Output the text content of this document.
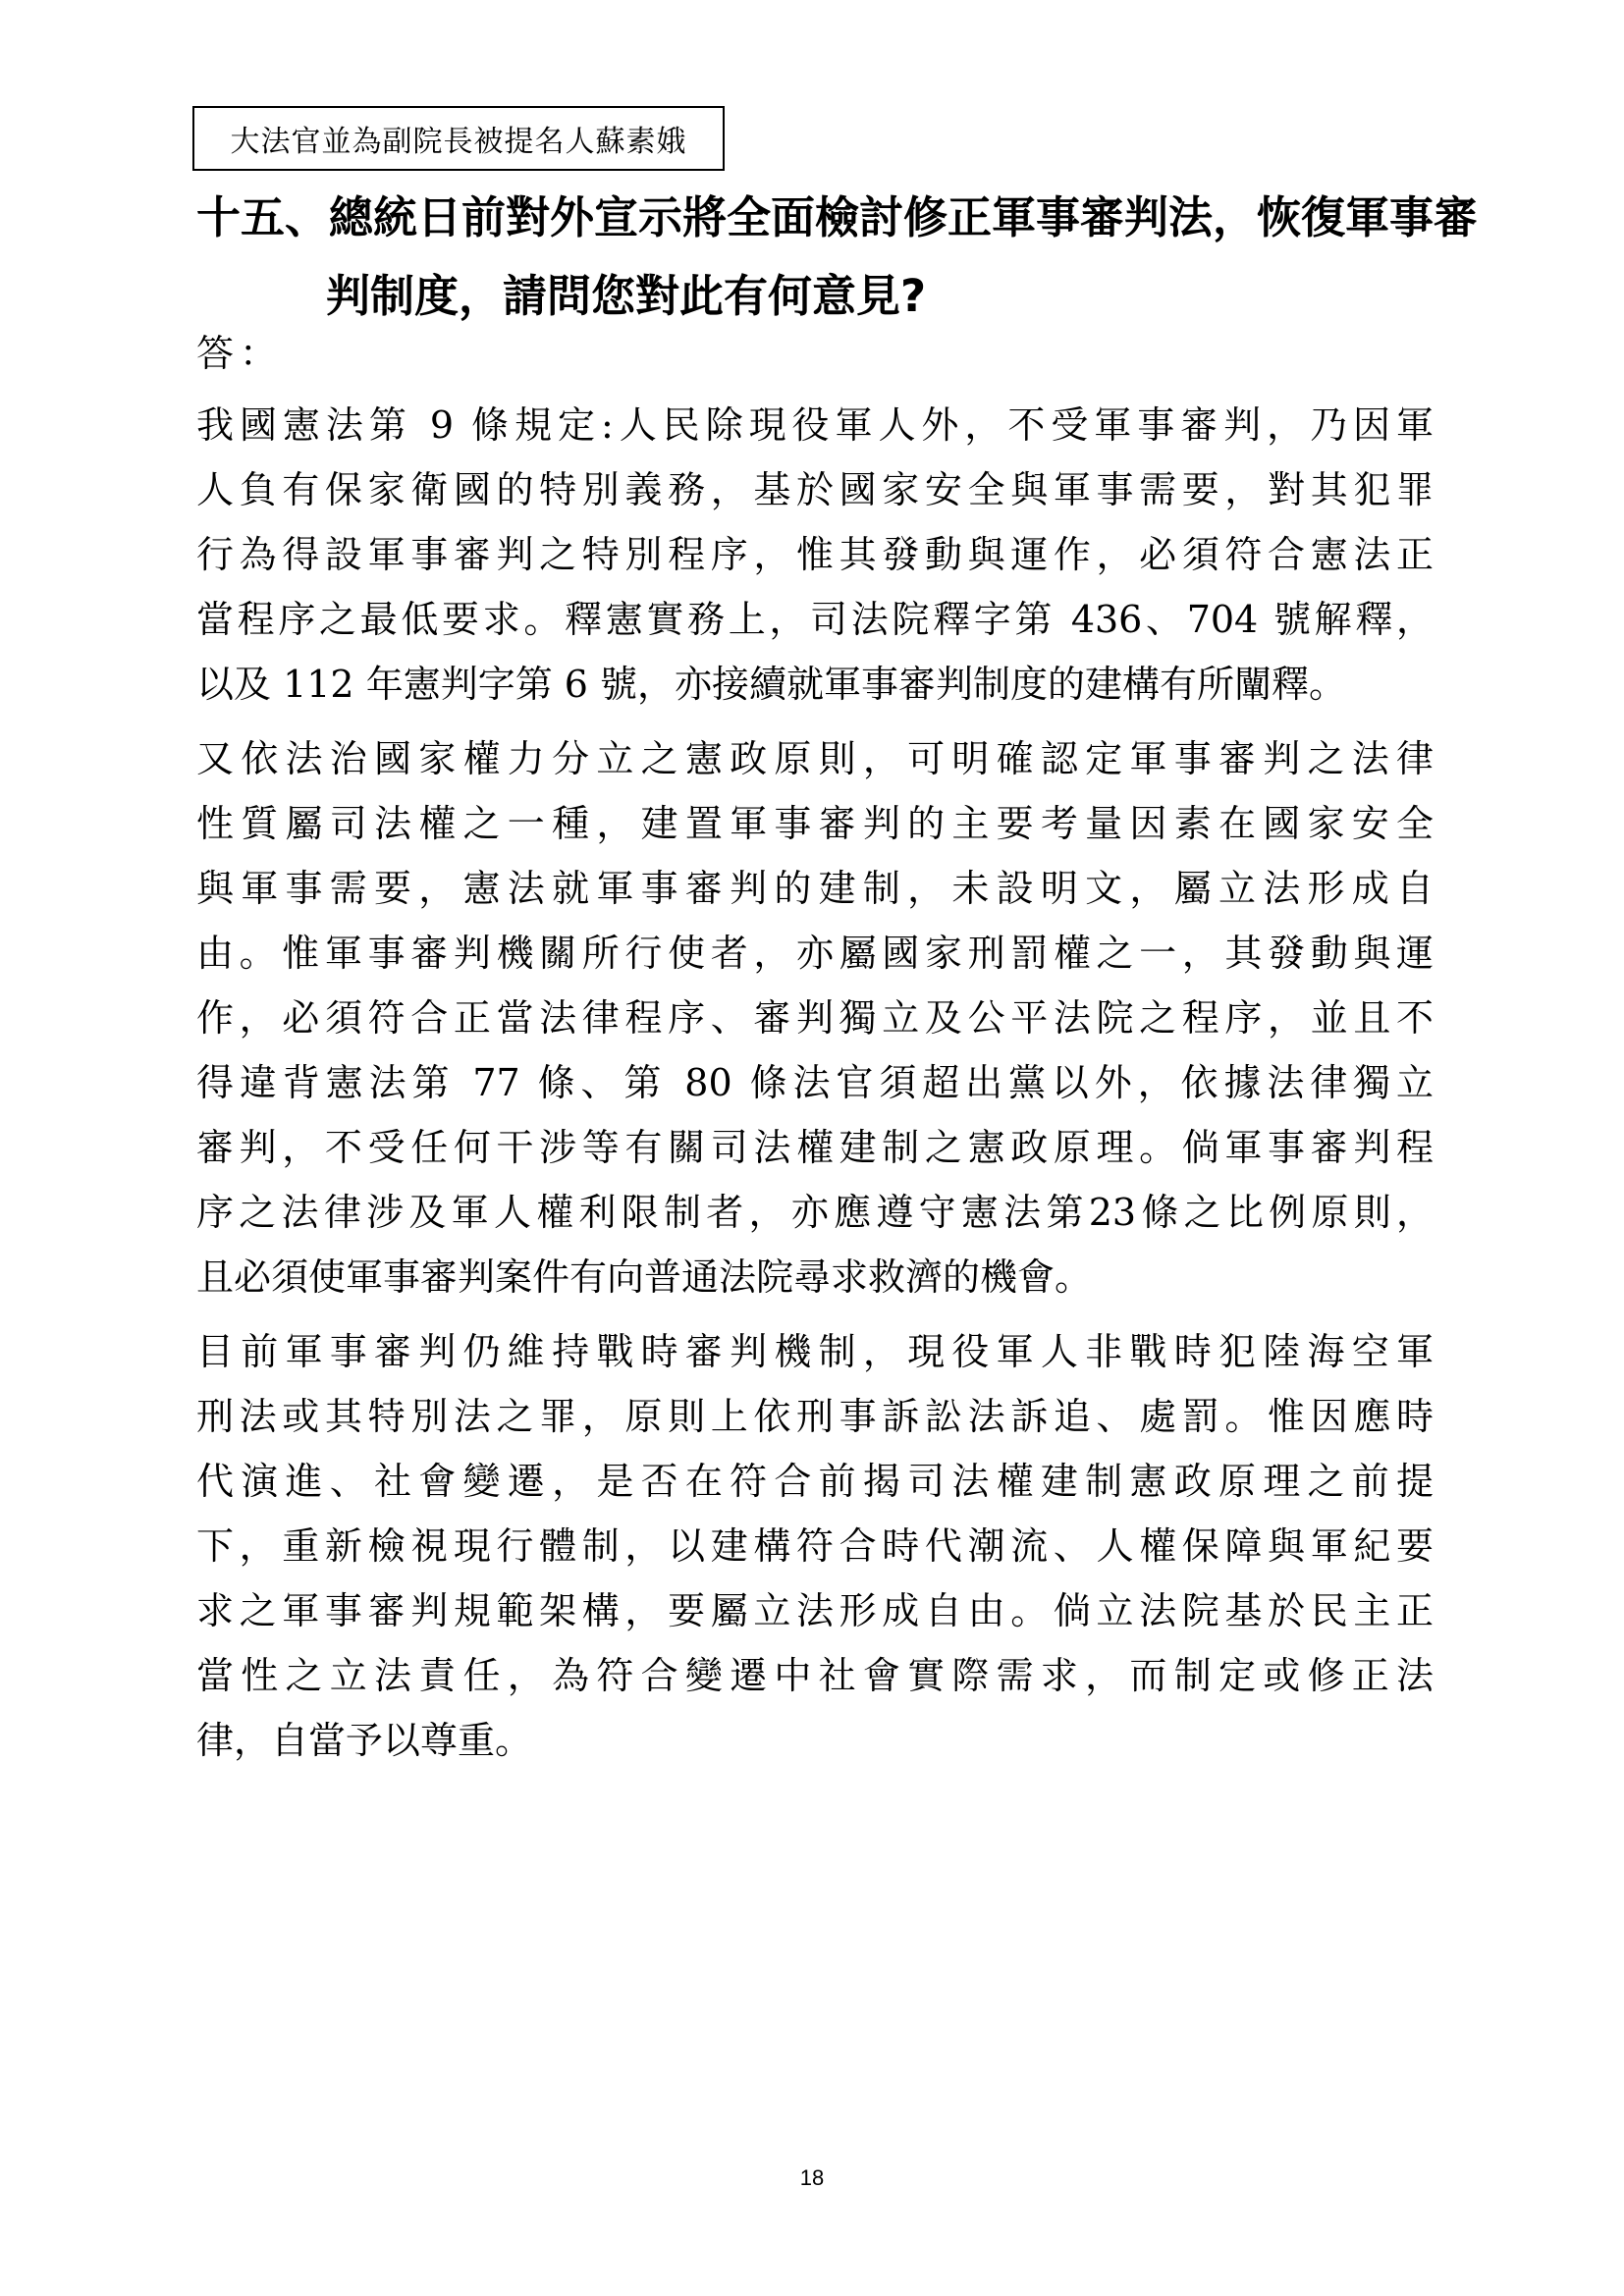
大法官並為副院長被提名人蘇素娥
十五、總統日前對外宣示將全面檢討修正軍事審判法，恢復軍事審
判制度，請問您對此有何意見?
答：
我國憲法第 9 條規定:人民除現役軍人外，不受軍事審判，乃因軍
人負有保家衛國的特別義務，基於國家安全與軍事需要，對其犯罪
行為得設軍事審判之特別程序，惟其發動與運作，必須符合憲法正
當程序之最低要求。釋憲實務上，司法院釋字第 436、704 號解釋，
以及 112 年憲判字第 6 號，亦接續就軍事審判制度的建構有所闡釋。
又依法治國家權力分立之憲政原則，可明確認定軍事審判之法律
性質屬司法權之一種，建置軍事審判的主要考量因素在國家安全
與軍事需要，憲法就軍事審判的建制，未設明文，屬立法形成自
由。惟軍事審判機關所行使者，亦屬國家刑罰權之一，其發動與運
作，必須符合正當法律程序、審判獨立及公平法院之程序，並且不
得違背憲法第 77 條、第 80 條法官須超出黨以外，依據法律獨立
審判，不受任何干涉等有關司法權建制之憲政原理。倘軍事審判程
序之法律涉及軍人權利限制者，亦應遵守憲法第23條之比例原則，
且必須使軍事審判案件有向普通法院尋求救濟的機會。
目前軍事審判仍維持戰時審判機制，現役軍人非戰時犯陸海空軍
刑法或其特別法之罪，原則上依刑事訴訟法訴追、處罰。惟因應時
代演進、社會變遷，是否在符合前揭司法權建制憲政原理之前提
下，重新檢視現行體制，以建構符合時代潮流、人權保障與軍紀要
求之軍事審判規範架構，要屬立法形成自由。倘立法院基於民主正
當性之立法責任，為符合變遷中社會實際需求，而制定或修正法
律，自當予以尊重。
18
